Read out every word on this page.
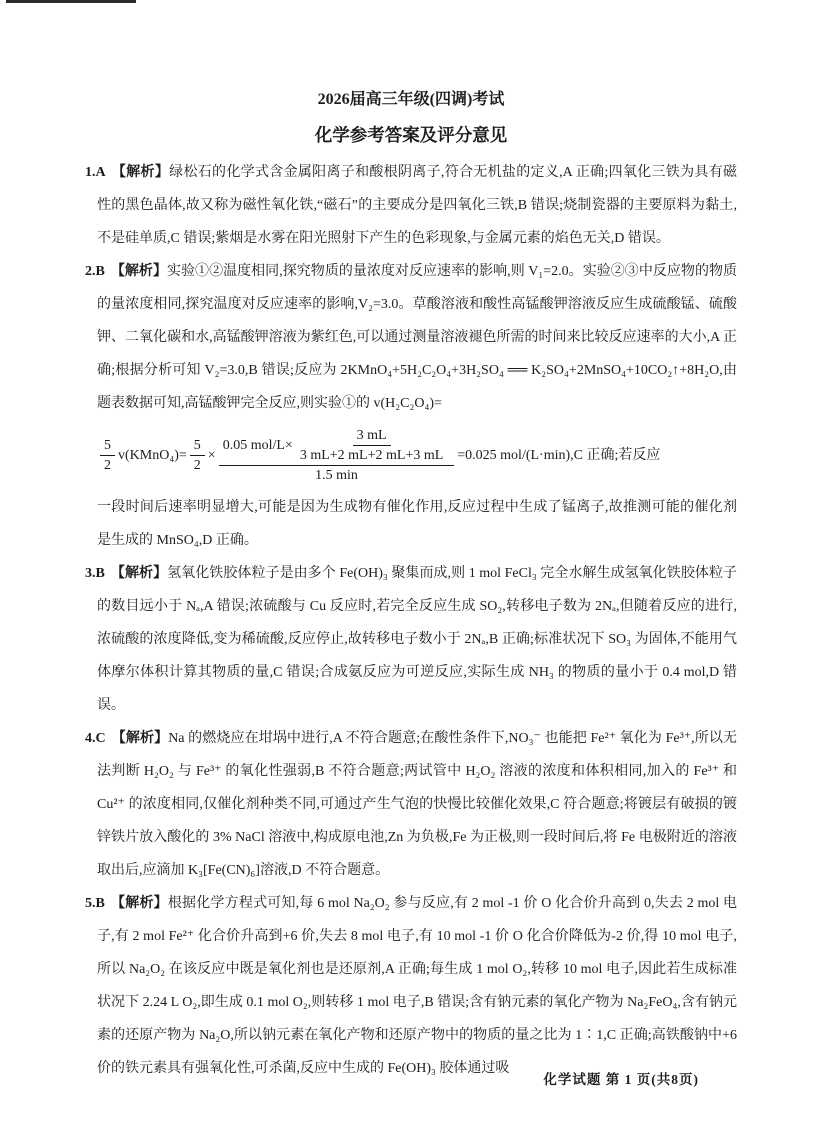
2026届高三年级(四调)考试
化学参考答案及评分意见
1.A 【解析】绿松石的化学式含金属阳离子和酸根阴离子,符合无机盐的定义,A 正确;四氧化三铁为具有磁性的黑色晶体,故又称为磁性氧化铁,“磁石”的主要成分是四氧化三铁,B 错误;烧制瓷器的主要原料为黏土,不是硅单质,C 错误;紫烟是水雾在阳光照射下产生的色彩现象,与金属元素的焰色无关,D 错误。
2.B 【解析】实验①②温度相同,探究物质的量浓度对反应速率的影响,则 V₁=2.0。实验②③中反应物的物质的量浓度相同,探究温度对反应速率的影响,V₂=3.0。草酸溶液和酸性高锰酸钾溶液反应生成硫酸锰、硫酸钾、二氧化碳和水,高锰酸钾溶液为紫红色,可以通过测量溶液褪色所需的时间来比较反应速率的大小,A 正确;根据分析可知 V₂=3.0,B 错误;反应为 2KMnO₄+5H₂C₂O₄+3H₂SO₄ ══ K₂SO₄+2MnSO₄+10CO₂↑+8H₂O,由题表数据可知,高锰酸钾完全反应,则实验①的 v(H₂C₂O₄)=
$\frac{5}{2}$ v(KMnO₄)= $\frac{5}{2}$ ×
0.05 $mol/L\times \frac{3 mL}{3 mL+2 mL+2 mL+3 mL}$
1.5 min
=0.025 mol/(L·min),C 正确;若反应
一段时间后速率明显增大,可能是因为生成物有催化作用,反应过程中生成了锰离子,故推测可能的催化剂是生成的 MnSO₄,D 正确。
3.B 【解析】氢氧化铁胶体粒子是由多个 Fe(OH)₃ 聚集而成,则 1 mol FeCl₃ 完全水解生成氢氧化铁胶体粒子的数目远小于 Nₐ,A 错误;浓硫酸与 Cu 反应时,若完全反应生成 SO₂,转移电子数为 2Nₐ,但随着反应的进行,浓硫酸的浓度降低,变为稀硫酸,反应停止,故转移电子数小于 2Nₐ,B 正确;标准状况下 SO₃ 为固体,不能用气体摩尔体积计算其物质的量,C 错误;合成氨反应为可逆反应,实际生成 NH₃ 的物质的量小于 0.4 mol,D 错误。
4.C 【解析】Na 的燃烧应在坩埚中进行,A 不符合题意;在酸性条件下,NO₃⁻ 也能把 Fe²⁺ 氧化为 Fe³⁺,所以无法判断 H₂O₂ 与 Fe³⁺ 的氧化性强弱,B 不符合题意;两试管中 H₂O₂ 溶液的浓度和体积相同,加入的 Fe³⁺ 和 Cu²⁺ 的浓度相同,仅催化剂种类不同,可通过产生气泡的快慢比较催化效果,C 符合题意;将镀层有破损的镀锌铁片放入酸化的 3% NaCl 溶液中,构成原电池,Zn 为负极,Fe 为正极,则一段时间后,将 Fe 电极附近的溶液取出后,应滴加 K₃[Fe(CN)₆]溶液,D 不符合题意。
5.B 【解析】根据化学方程式可知,每 6 mol Na₂O₂ 参与反应,有 2 mol -1 价 O 化合价升高到 0,失去 2 mol 电子,有 2 mol Fe²⁺ 化合价升高到+6 价,失去 8 mol 电子,有 10 mol -1 价 O 化合价降低为-2 价,得 10 mol 电子,所以 Na₂O₂ 在该反应中既是氧化剂也是还原剂,A 正确;每生成 1 mol O₂,转移 10 mol 电子,因此若生成标准状况下 2.24 L O₂,即生成 0.1 mol O₂,则转移 1 mol 电子,B 错误;含有钠元素的氧化产物为 Na₂FeO₄,含有钠元素的还原产物为 Na₂O,所以钠元素在氧化产物和还原产物中的物质的量之比为 1∶1,C 正确;高铁酸钠中+6 价的铁元素具有强氧化性,可杀菌,反应中生成的 Fe(OH)₃ 胶体通过吸
化学试题 第 1 页(共8页)
